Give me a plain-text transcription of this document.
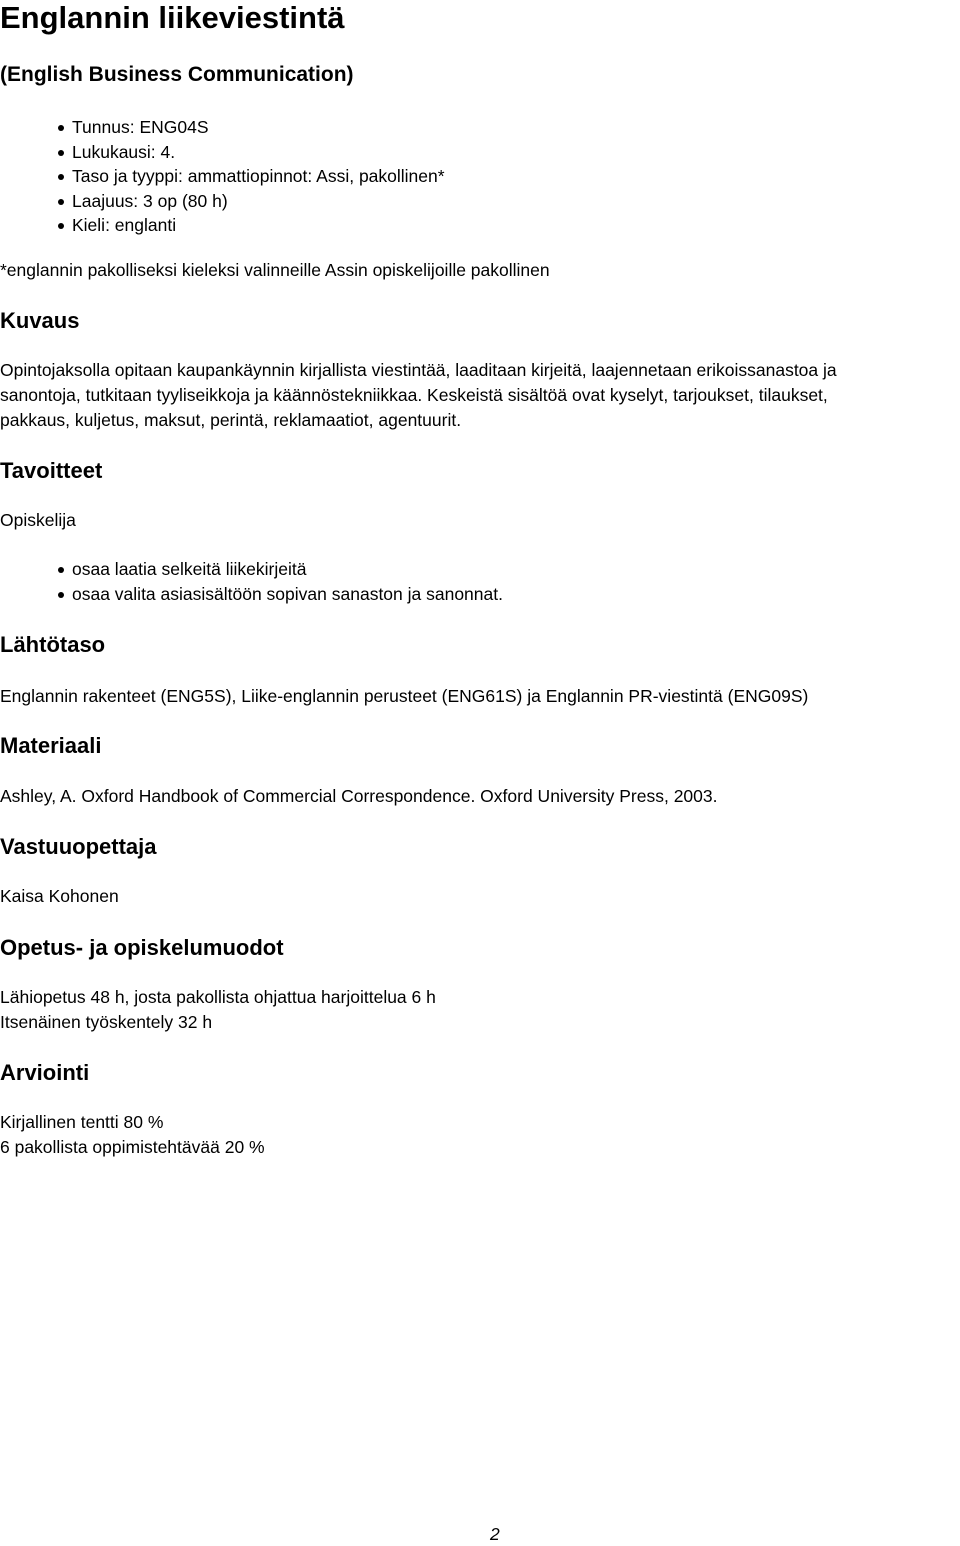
Englannin liikeviestintä
(English Business Communication)
Tunnus: ENG04S
Lukukausi: 4.
Taso ja tyyppi: ammattiopinnot: Assi, pakollinen*
Laajuus: 3 op (80 h)
Kieli: englanti
*englannin pakolliseksi kieleksi valinneille Assin opiskelijoille pakollinen
Kuvaus
Opintojaksolla opitaan kaupankäynnin kirjallista viestintää, laaditaan kirjeitä, laajennetaan erikoissanastoa ja
sanontoja, tutkitaan tyyliseikkoja ja käännöstekniikkaa. Keskeistä sisältöä ovat kyselyt, tarjoukset, tilaukset,
pakkaus, kuljetus, maksut, perintä, reklamaatiot, agentuurit.
Tavoitteet
Opiskelija
osaa laatia selkeitä liikekirjeitä
osaa valita asiasisältöön sopivan sanaston ja sanonnat.
Lähtötaso
Englannin rakenteet (ENG5S), Liike-englannin perusteet (ENG61S) ja Englannin PR-viestintä (ENG09S)
Materiaali
Ashley, A. Oxford Handbook of Commercial Correspondence. Oxford University Press, 2003.
Vastuuopettaja
Kaisa Kohonen
Opetus- ja opiskelumuodot
Lähiopetus 48 h, josta pakollista ohjattua harjoittelua 6 h
Itsenäinen työskentely 32 h
Arviointi
Kirjallinen tentti 80 %
6 pakollista oppimistehtävää 20 %
2
